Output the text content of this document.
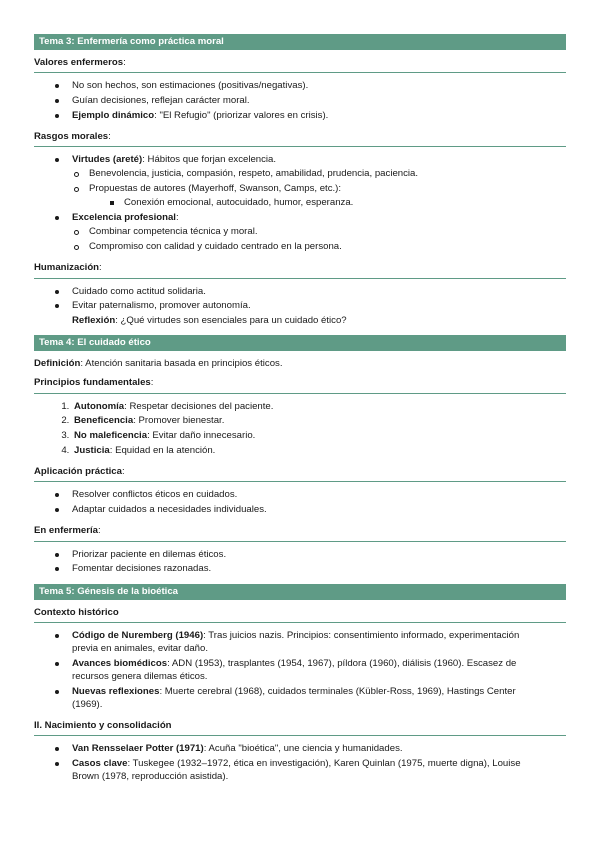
Tema 3: Enfermería como práctica moral
Valores enfermeros:
No son hechos, son estimaciones (positivas/negativas).
Guían decisiones, reflejan carácter moral.
Ejemplo dinámico: "El Refugio" (priorizar valores en crisis).
Rasgos morales:
Virtudes (areté): Hábitos que forjan excelencia.
Benevolencia, justicia, compasión, respeto, amabilidad, prudencia, paciencia.
Propuestas de autores (Mayerhoff, Swanson, Camps, etc.):
Conexión emocional, autocuidado, humor, esperanza.
Excelencia profesional:
Combinar competencia técnica y moral.
Compromiso con calidad y cuidado centrado en la persona.
Humanización:
Cuidado como actitud solidaria.
Evitar paternalismo, promover autonomía.
Reflexión: ¿Qué virtudes son esenciales para un cuidado ético?
Tema 4: El cuidado ético
Definición: Atención sanitaria basada en principios éticos.
Principios fundamentales:
1. Autonomía: Respetar decisiones del paciente.
2. Beneficencia: Promover bienestar.
3. No maleficencia: Evitar daño innecesario.
4. Justicia: Equidad en la atención.
Aplicación práctica:
Resolver conflictos éticos en cuidados.
Adaptar cuidados a necesidades individuales.
En enfermería:
Priorizar paciente en dilemas éticos.
Fomentar decisiones razonadas.
Tema 5: Génesis de la bioética
Contexto histórico
Código de Nuremberg (1946): Tras juicios nazis. Principios: consentimiento informado, experimentación previa en animales, evitar daño.
Avances biomédicos: ADN (1953), trasplantes (1954, 1967), píldora (1960), diálisis (1960). Escasez de recursos genera dilemas éticos.
Nuevas reflexiones: Muerte cerebral (1968), cuidados terminales (Kübler-Ross, 1969), Hastings Center (1969).
II. Nacimiento y consolidación
Van Rensselaer Potter (1971): Acuña "bioética", une ciencia y humanidades.
Casos clave: Tuskegee (1932–1972, ética en investigación), Karen Quinlan (1975, muerte digna), Louise Brown (1978, reproducción asistida).
